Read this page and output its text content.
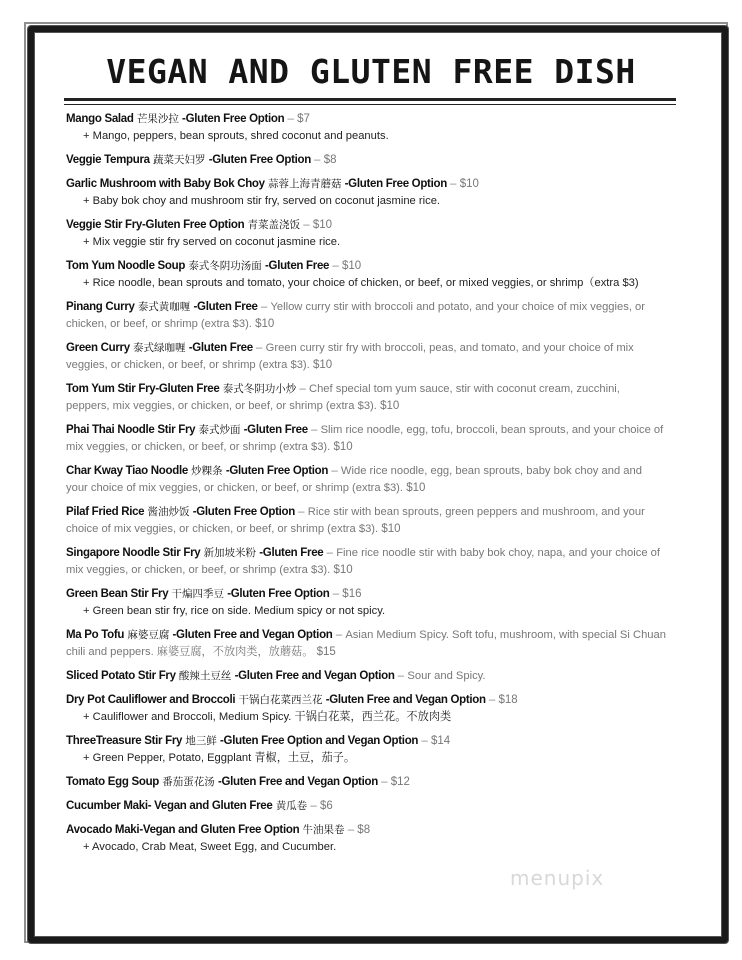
VEGAN AND GLUTEN FREE DISH
Mango Salad 芒果沙拉 -Gluten Free Option – $7
+ Mango, peppers, bean sprouts, shred coconut and peanuts.
Veggie Tempura 蔬菜天妇罗 -Gluten Free Option – $8
Garlic Mushroom with Baby Bok Choy 蒜蓉上海青蘑菇 -Gluten Free Option – $10
+ Baby bok choy and mushroom stir fry, served on coconut jasmine rice.
Veggie Stir Fry-Gluten Free Option 青菜盖浇饭 – $10
+ Mix veggie stir fry served on coconut jasmine rice.
Tom Yum Noodle Soup 泰式冬阴功汤面 -Gluten Free – $10
+ Rice noodle, bean sprouts and tomato, your choice of chicken, or beef, or mixed veggies, or shrimp（extra $3)
Pinang Curry 泰式黄咖喱 -Gluten Free – Yellow curry stir with broccoli and potato, and your choice of mix veggies, or chicken, or beef, or shrimp (extra $3). $10
Green Curry 泰式绿咖喱 -Gluten Free – Green curry stir fry with broccoli, peas, and tomato, and your choice of mix veggies, or chicken, or beef, or shrimp (extra $3). $10
Tom Yum Stir Fry-Gluten Free 泰式冬阴功小炒 – Chef special tom yum sauce, stir with coconut cream, zucchini, peppers, mix veggies, or chicken, or beef, or shrimp (extra $3). $10
Phai Thai Noodle Stir Fry 泰式炒面 -Gluten Free – Slim rice noodle, egg, tofu, broccoli, bean sprouts, and your choice of mix veggies, or chicken, or beef, or shrimp (extra $3). $10
Char Kway Tiao Noodle 炒粿条 -Gluten Free Option – Wide rice noodle, egg, bean sprouts, baby bok choy and and your choice of mix veggies, or chicken, or beef, or shrimp (extra $3). $10
Pilaf Fried Rice 酱油炒饭 -Gluten Free Option – Rice stir with bean sprouts, green peppers and mushroom, and your choice of mix veggies, or chicken, or beef, or shrimp (extra $3). $10
Singapore Noodle Stir Fry 新加坡米粉 -Gluten Free – Fine rice noodle stir with baby bok choy, napa, and your choice of mix veggies, or chicken, or beef, or shrimp (extra $3). $10
Green Bean Stir Fry 干煸四季豆 -Gluten Free Option – $16
+ Green bean stir fry, rice on side. Medium spicy or not spicy.
Ma Po Tofu 麻婆豆腐 -Gluten Free and Vegan Option – Asian Medium Spicy. Soft tofu, mushroom, with special Si Chuan chili and peppers. 麻婆豆腐，不放肉类，放蘑菇。 $15
Sliced Potato Stir Fry 酸辣土豆丝 -Gluten Free and Vegan Option – Sour and Spicy.
Dry Pot Cauliflower and Broccoli 干锅白花菜西兰花 -Gluten Free and Vegan Option – $18
+ Cauliflower and Broccoli, Medium Spicy. 干锅白花菜，西兰花。不放肉类
ThreeTreasure Stir Fry 地三鲜 -Gluten Free Option and Vegan Option – $14
+ Green Pepper, Potato, Eggplant 青椒，土豆，茄子。
Tomato Egg Soup 番茄蛋花汤 -Gluten Free and Vegan Option – $12
Cucumber Maki- Vegan and Gluten Free 黄瓜卷 – $6
Avocado Maki-Vegan and Gluten Free Option 牛油果卷 – $8
+ Avocado, Crab Meat, Sweet Egg, and Cucumber.
menupix
